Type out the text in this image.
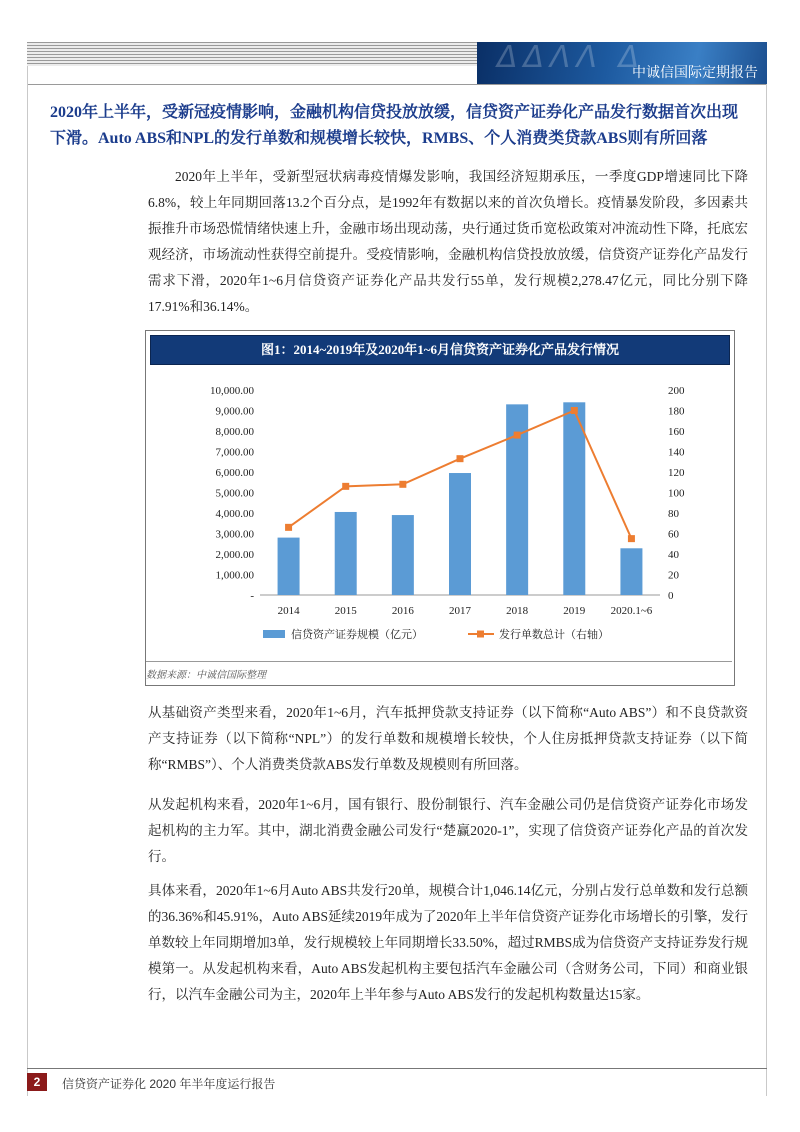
ΔΔΛΛ Δ
中诚信国际定期报告
2020年上半年，受新冠疫情影响，金融机构信贷投放放缓，信贷资产证券化产品发行数据首次出现下滑。Auto ABS和NPL的发行单数和规模增长较快，RMBS、个人消费类贷款ABS则有所回落
2020年上半年，受新型冠状病毒疫情爆发影响，我国经济短期承压，一季度GDP增速同比下降6.8%，较上年同期回落13.2个百分点，是1992年有数据以来的首次负增长。疫情暴发阶段，多因素共振推升市场恐慌情绪快速上升，金融市场出现动荡，央行通过货币宽松政策对冲流动性下降，托底宏观经济，市场流动性获得空前提升。受疫情影响，金融机构信贷投放放缓，信贷资产证券化产品发行需求下滑，2020年1~6月信贷资产证券化产品共发行55单，发行规模2,278.47亿元，同比分别下降17.91%和36.14%。
图1：2014~2019年及2020年1~6月信贷资产证券化产品发行情况
-
1,000.00
2,000.00
3,000.00
4,000.00
5,000.00
6,000.00
7,000.00
8,000.00
9,000.00
10,000.00
0
20
40
60
80
100
120
140
160
180
200
2014	2015	2016	2017	2018	2019 2020.1~6
信贷资产证券规模（亿元）	发行单数总计（右轴）
数据来源：中诚信国际整理
从基础资产类型来看，2020年1~6月，汽车抵押贷款支持证券（以下简称“Auto ABS”）和不良贷款资产支持证券（以下简称“NPL”）的发行单数和规模增长较快，个人住房抵押贷款支持证券（以下简称“RMBS”）、个人消费类贷款ABS发行单数及规模则有所回落。
从发起机构来看，2020年1~6月，国有银行、股份制银行、汽车金融公司仍是信贷资产证券化市场发起机构的主力军。其中，湖北消费金融公司发行“楚赢2020-1”，实现了信贷资产证券化产品的首次发行。
具体来看，2020年1~6月Auto ABS共发行20单，规模合计1,046.14亿元，分别占发行总单数和发行总额的36.36%和45.91%，Auto ABS延续2019年成为了2020年上半年信贷资产证券化市场增长的引擎，发行单数较上年同期增加3单，发行规模较上年同期增长33.50%，超过RMBS成为信贷资产支持证券发行规模第一。从发起机构来看，Auto ABS发起机构主要包括汽车金融公司（含财务公司，下同）和商业银行，以汽车金融公司为主，2020年上半年参与Auto ABS发行的发起机构数量达15家。
2	信贷资产证券化 2020 年半年度运行报告
